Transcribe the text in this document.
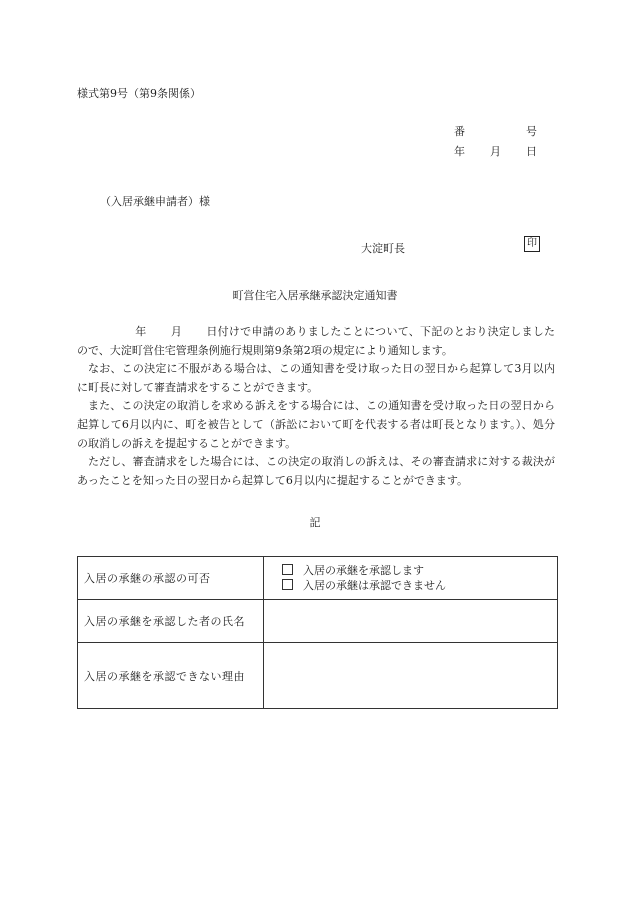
様式第9号（第9条関係）
番	号
年	月	日
（入居承継申請者）様
大淀町長	印
町営住宅入居承継承認決定通知書

年 月 日付けで申請のありましたことについて、下記のとおり決定しましたので、大淀町営住宅管理条例施行規則第9条第2項の規定により通知します。

なお、この決定に不服がある場合は、この通知書を受け取った日の翌日から起算して3月以内に町長に対して審査請求をすることができます。

また、この決定の取消しを求める訴えをする場合には、この通知書を受け取った日の翌日から起算して6月以内に、町を被告として（訴訟において町を代表する者は町長となります。）、処分の取消しの訴えを提起することができます。

ただし、審査請求をした場合には、この決定の取消しの訴えは、その審査請求に対する裁決があったことを知った日の翌日から起算して6月以内に提起することができます。

記
入居の承継の承認の可否	入居の承継を承認します
入居の承継は承認できません

入居の承継を承認した者の氏名	
入居の承継を承認できない理由	
